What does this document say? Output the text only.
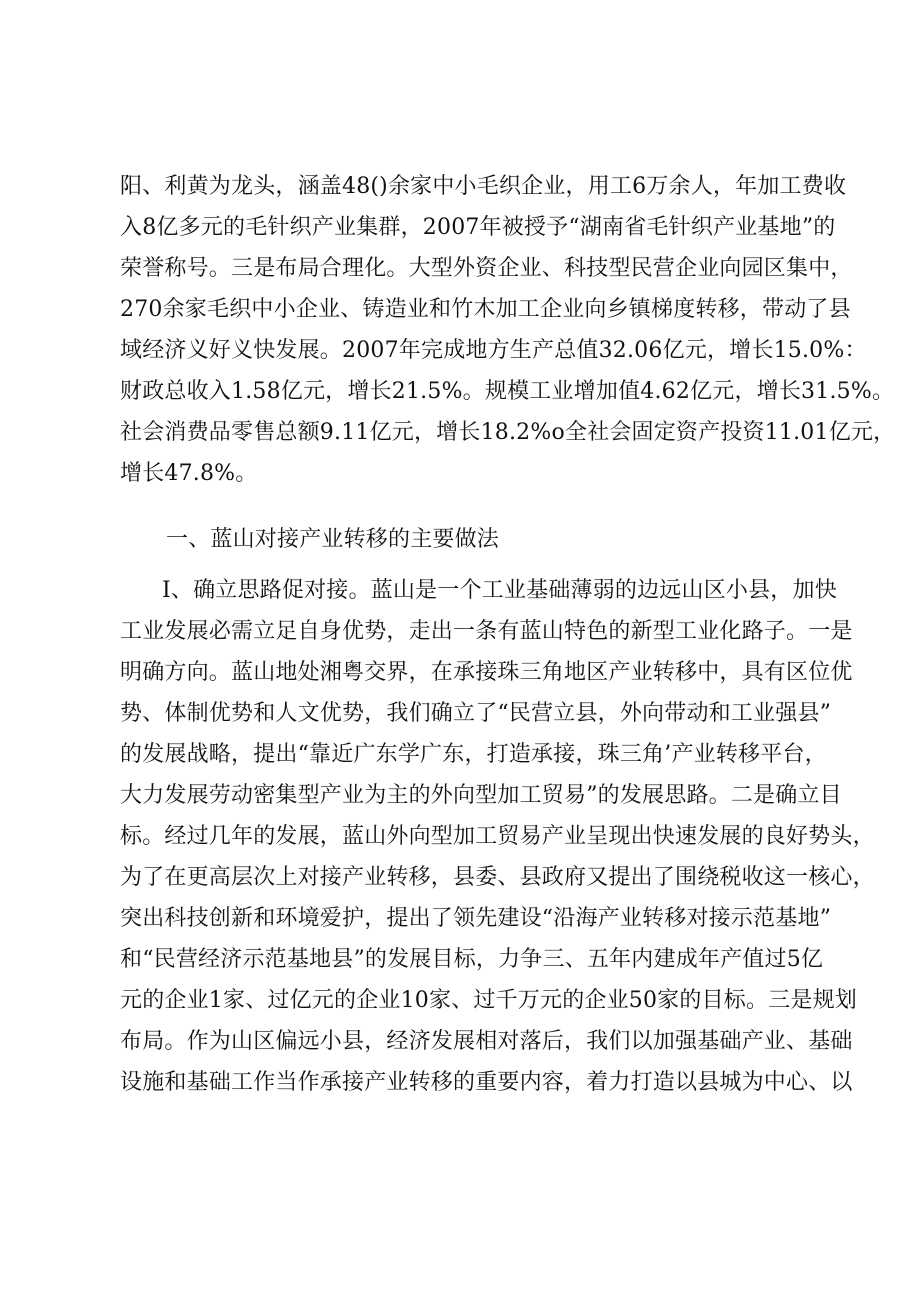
阳、利黄为龙头，涵盖48()余家中小毛织企业，用工6万余人，年加工费收
入8亿多元的毛针织产业集群，2007年被授予“湖南省毛针织产业基地”的
荣誉称号。三是布局合理化。大型外资企业、科技型民营企业向园区集中，
270余家毛织中小企业、铸造业和竹木加工企业向乡镇梯度转移，带动了县
域经济义好义快发展。2007年完成地方生产总值32.06亿元，增长15.0%：
财政总收入1.58亿元，增长21.5%。规模工业增加值4.62亿元，增长31.5%。
社会消费品零售总额9.11亿元，增长18.2%o全社会固定资产投资11.01亿元，
增长47.8%。
一、蓝山对接产业转移的主要做法
I、确立思路促对接。蓝山是一个工业基础薄弱的边远山区小县，加快
工业发展必需立足自身优势，走出一条有蓝山特色的新型工业化路子。一是
明确方向。蓝山地处湘粤交界，在承接珠三角地区产业转移中，具有区位优
势、体制优势和人文优势，我们确立了“民营立县，外向带动和工业强县”
的发展战略，提出“靠近广东学广东，打造承接，珠三角’产业转移平台，
大力发展劳动密集型产业为主的外向型加工贸易”的发展思路。二是确立目
标。经过几年的发展，蓝山外向型加工贸易产业呈现出快速发展的良好势头，
为了在更高层次上对接产业转移，县委、县政府又提出了围绕税收这一核心，
突出科技创新和环境爱护，提出了领先建设“沿海产业转移对接示范基地”
和“民营经济示范基地县”的发展目标，力争三、五年内建成年产值过5亿
元的企业1家、过亿元的企业10家、过千万元的企业50家的目标。三是规划
布局。作为山区偏远小县，经济发展相对落后，我们以加强基础产业、基础
设施和基础工作当作承接产业转移的重要内容，着力打造以县城为中心、以
